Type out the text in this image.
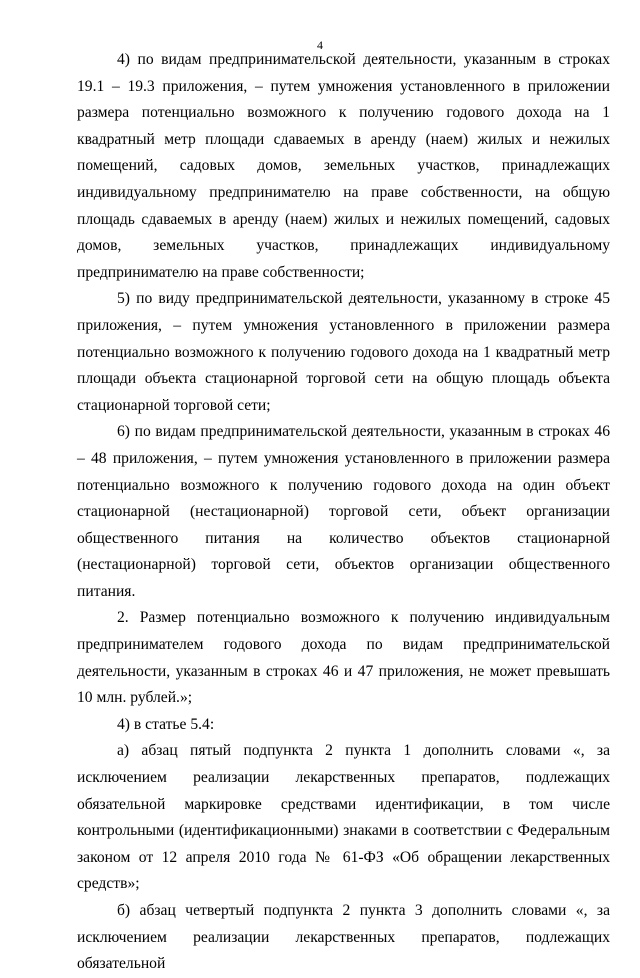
4

4) по видам предпринимательской деятельности, указанным в строках 19.1 – 19.3 приложения, – путем умножения установленного в приложении размера потенциально возможного к получению годового дохода на 1 квадратный метр площади сдаваемых в аренду (наем) жилых и нежилых помещений, садовых домов, земельных участков, принадлежащих индивидуальному предпринимателю на праве собственности, на общую площадь сдаваемых в аренду (наем) жилых и нежилых помещений, садовых домов, земельных участков, принадлежащих индивидуальному предпринимателю на праве собственности;

5) по виду предпринимательской деятельности, указанному в строке 45 приложения, – путем умножения установленного в приложении размера потенциально возможного к получению годового дохода на 1 квадратный метр площади объекта стационарной торговой сети на общую площадь объекта стационарной торговой сети;

6) по видам предпринимательской деятельности, указанным в строках 46 – 48 приложения, – путем умножения установленного в приложении размера потенциально возможного к получению годового дохода на один объект стационарной (нестационарной) торговой сети, объект организации общественного питания на количество объектов стационарной (нестационарной) торговой сети, объектов организации общественного питания.

2. Размер потенциально возможного к получению индивидуальным предпринимателем годового дохода по видам предпринимательской деятельности, указанным в строках 46 и 47 приложения, не может превышать 10 млн. рублей.»;

4) в статье 5.4:

а) абзац пятый подпункта 2 пункта 1 дополнить словами «, за исключением реализации лекарственных препаратов, подлежащих обязательной маркировке средствами идентификации, в том числе контрольными (идентификационными) знаками в соответствии с Федеральным законом от 12 апреля 2010 года № 61-ФЗ «Об обращении лекарственных средств»;

б) абзац четвертый подпункта 2 пункта 3 дополнить словами «, за исключением реализации лекарственных препаратов, подлежащих обязательной
